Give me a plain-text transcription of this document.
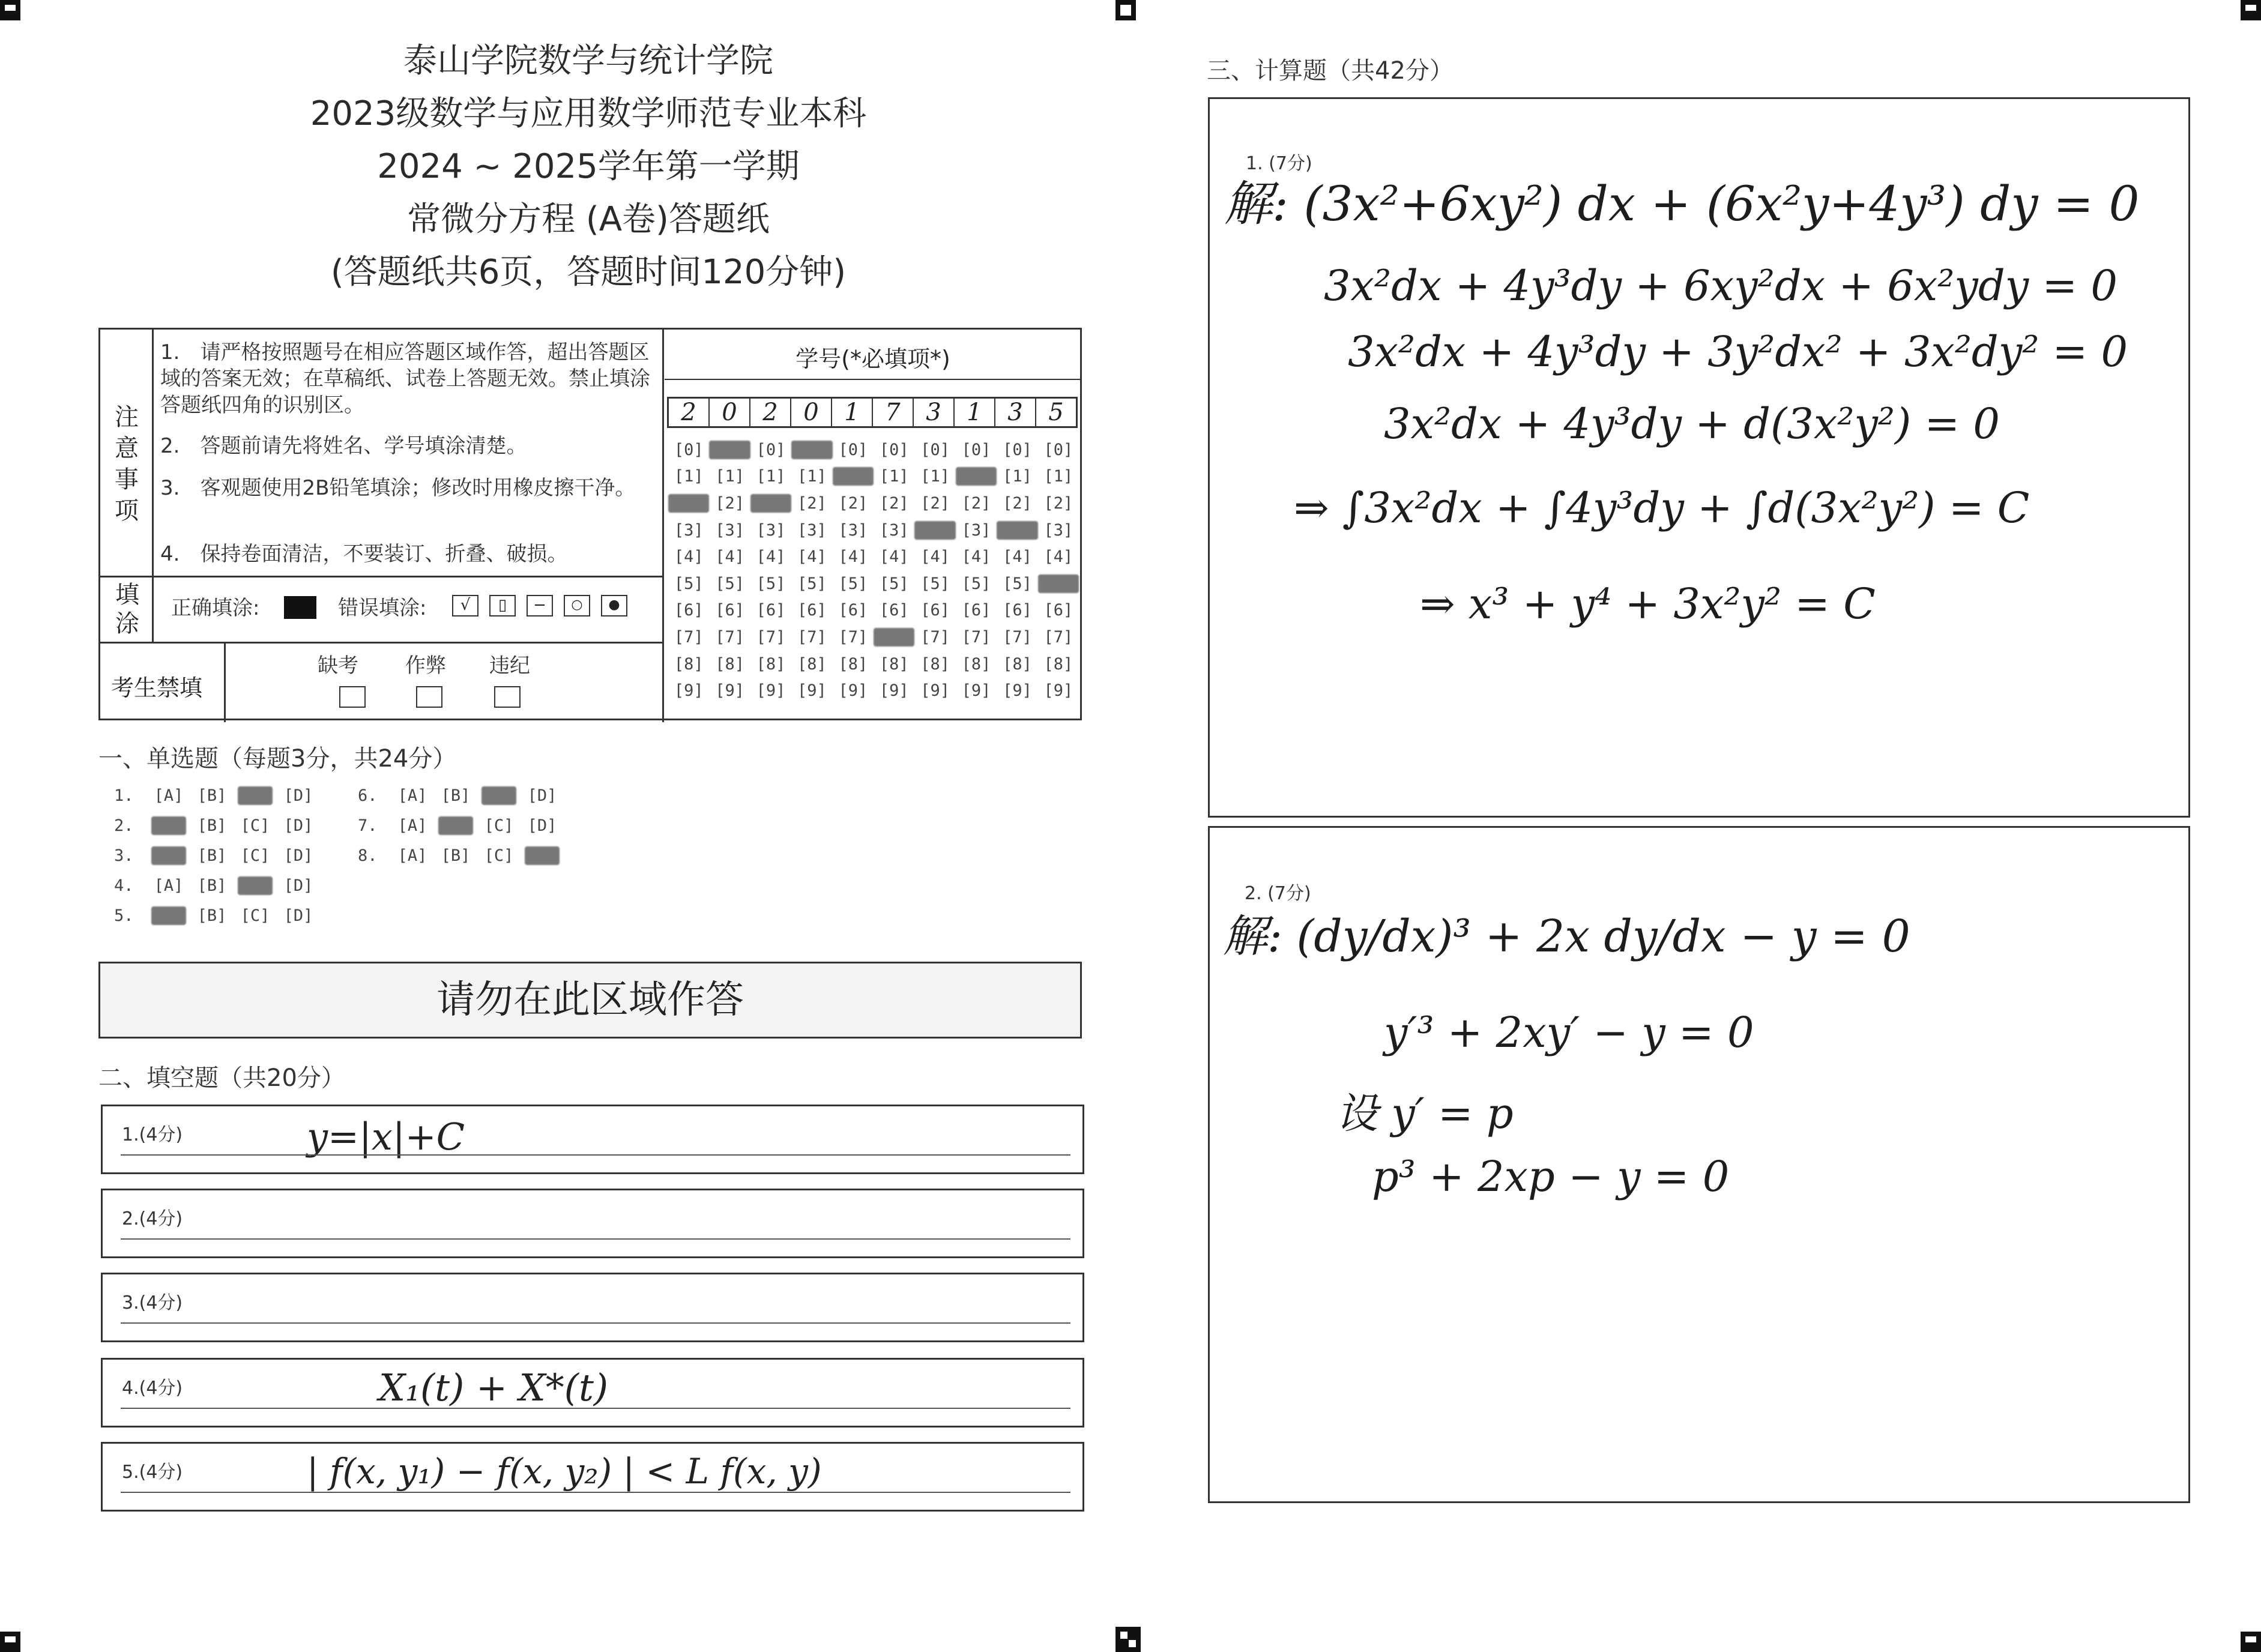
泰山学院数学与统计学院
2023级数学与应用数学师范专业本科
2024 ~ 2025学年第一学期
常微分方程 (A卷)答题纸
(答题纸共6页，答题时间120分钟)
注意事项
1.　请严格按照题号在相应答题区域作答，超出答题区域的答案无效；在草稿纸、试卷上答题无效。禁止填涂答题纸四角的识别区。
2.　答题前请先将姓名、学号填涂清楚。
3.　客观题使用2B铅笔填涂；修改时用橡皮擦干净。
4.　保持卷面清洁，不要装订、折叠、破损。
填涂
正确填涂:	错误填涂:	√	▯	−	○	●
考生禁填
缺考 作弊 违纪
学号(*必填项*)
2	0	2	0	1	7	3	1	3	5
[0] [0] [0] [0] [0] [0] [0] [0] [0] [0]
[1] [1] [1] [1] [1] [1] [1] [1] [1] [1]
[2] [2] [2] [2] [2] [2] [2] [2] [2] [2]
[3] [3] [3] [3] [3] [3] [3] [3] [3] [3]
[4] [4] [4] [4] [4] [4] [4] [4] [4] [4]
[5] [5] [5] [5] [5] [5] [5] [5] [5] [5]
[6] [6] [6] [6] [6] [6] [6] [6] [6] [6]
[7] [7] [7] [7] [7] [7] [7] [7] [7] [7]
[8] [8] [8] [8] [8] [8] [8] [8] [8] [8]
[9] [9] [9] [9] [9] [9] [9] [9] [9] [9]
一、单选题（每题3分，共24分）
1.	[A] [B] [C] [D]
2.	[A] [B] [C] [D]
3.	[A] [B] [C] [D]
4.	[A] [B] [C] [D]
5.	[A] [B] [C] [D]
6.	[A] [B] [C] [D]
7.	[A] [B] [C] [D]
8.	[A] [B] [C] [D]
请勿在此区域作答
二、填空题（共20分）
1.(4分)	y=|x|+C
2.(4分)
3.(4分)
4.(4分)	X₁(t) + X*(t)
5.(4分)	| f(x, y₁) − f(x, y₂) | < L f(x, y)
三、计算题（共42分）
1. (7分)
解: (3x²+6xy²) dx + (6x²y+4y³) dy = 0
3x²dx + 4y³dy + 6xy²dx + 6x²ydy = 0
3x²dx + 4y³dy + 3y²dx² + 3x²dy² = 0
3x²dx + 4y³dy + d(3x²y²) = 0
⇒ ∫3x²dx + ∫4y³dy + ∫d(3x²y²) = C
⇒ x³ + y⁴ + 3x²y² = C
2. (7分)
解: (dy/dx)³ + 2x dy/dx − y = 0
y′³ + 2xy′ − y = 0
设 y′ = p
p³ + 2xp − y = 0
